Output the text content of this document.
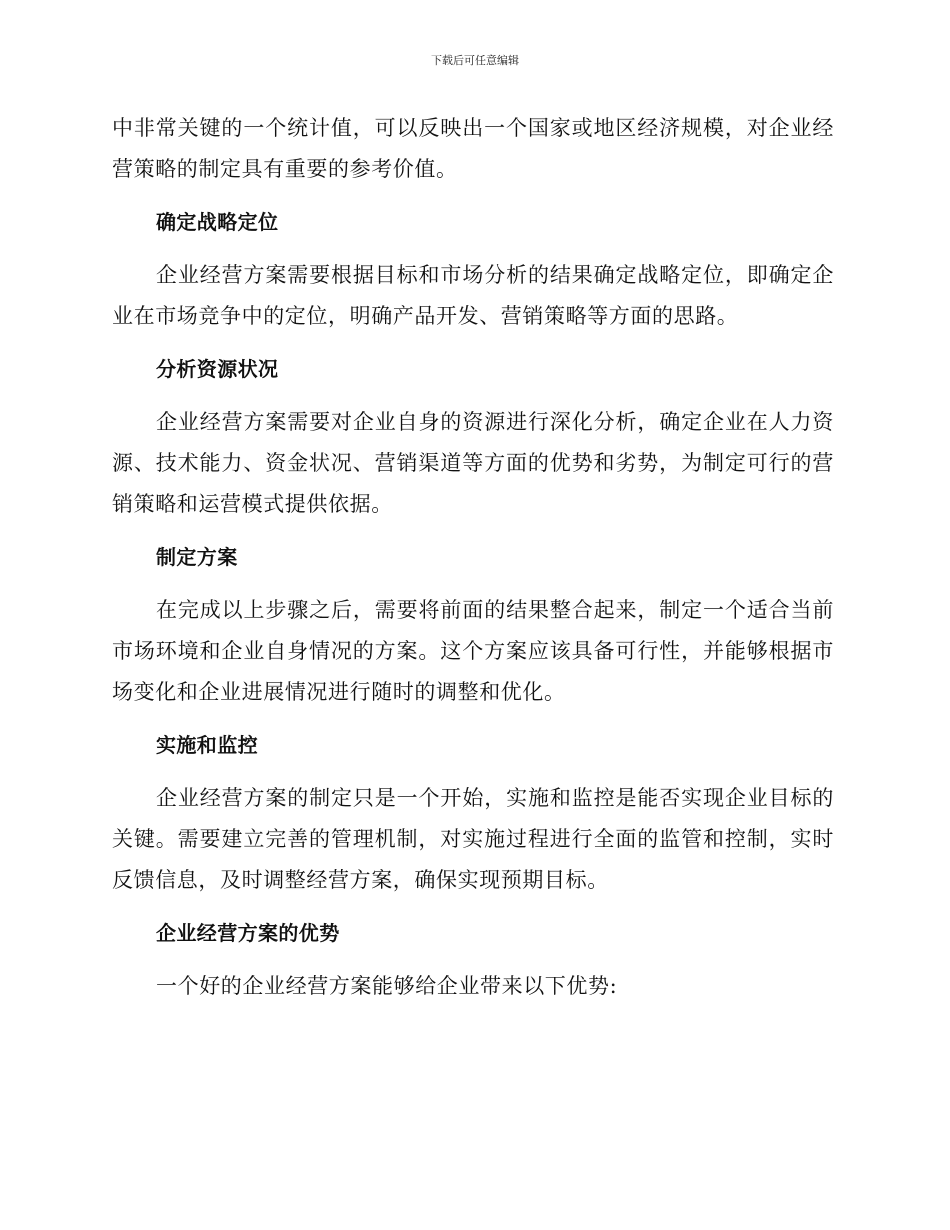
下载后可任意编辑

中非常关键的一个统计值，可以反映出一个国家或地区经济规模，对企业经营策略的制定具有重要的参考价值。

确定战略定位

企业经营方案需要根据目标和市场分析的结果确定战略定位，即确定企业在市场竞争中的定位，明确产品开发、营销策略等方面的思路。

分析资源状况

企业经营方案需要对企业自身的资源进行深化分析，确定企业在人力资源、技术能力、资金状况、营销渠道等方面的优势和劣势，为制定可行的营销策略和运营模式提供依据。

制定方案

在完成以上步骤之后，需要将前面的结果整合起来，制定一个适合当前市场环境和企业自身情况的方案。这个方案应该具备可行性，并能够根据市场变化和企业进展情况进行随时的调整和优化。

实施和监控

企业经营方案的制定只是一个开始，实施和监控是能否实现企业目标的关键。需要建立完善的管理机制，对实施过程进行全面的监管和控制，实时反馈信息，及时调整经营方案，确保实现预期目标。

企业经营方案的优势

一个好的企业经营方案能够给企业带来以下优势:
